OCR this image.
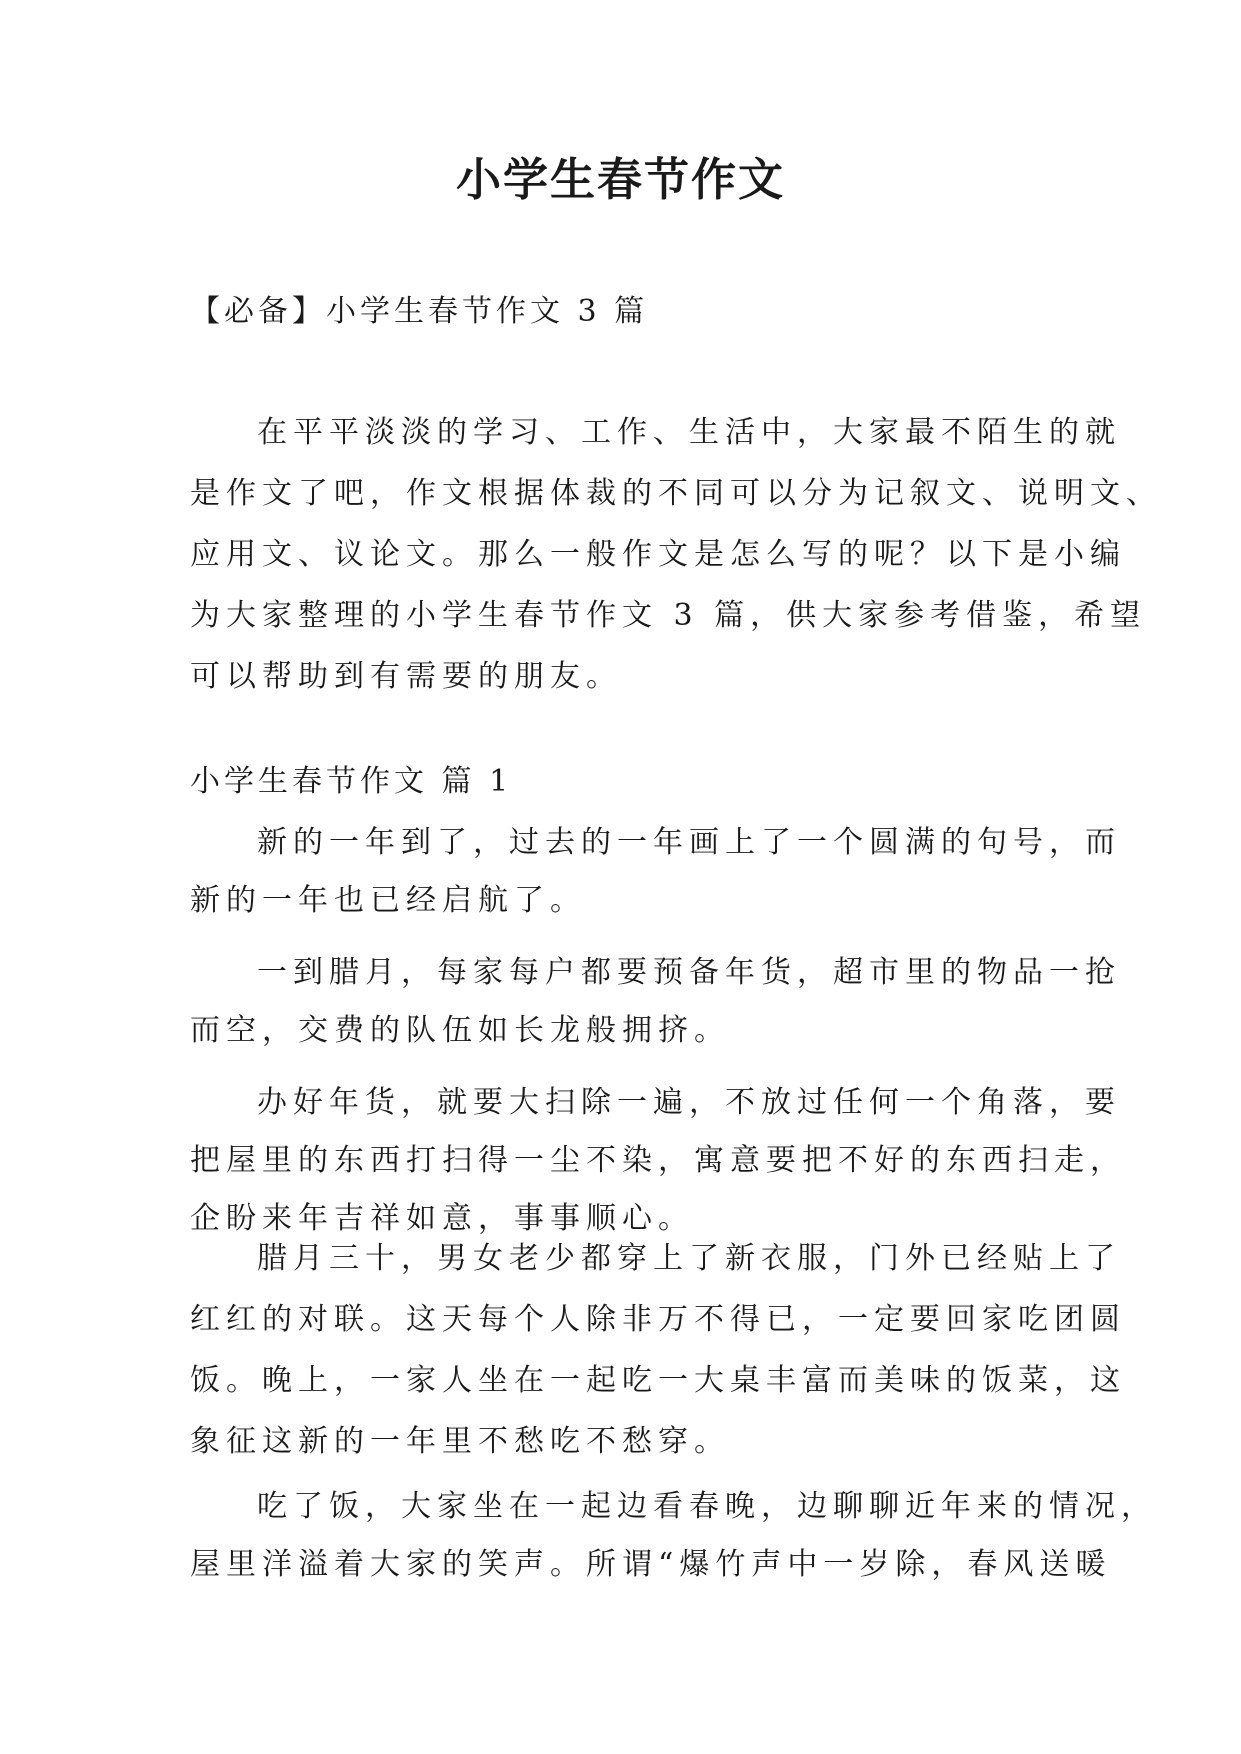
小学生春节作文
【必备】小学生春节作文 3 篇
在平平淡淡的学习、工作、生活中，大家最不陌生的就
是作文了吧，作文根据体裁的不同可以分为记叙文、说明文、
应用文、议论文。那么一般作文是怎么写的呢？以下是小编
为大家整理的小学生春节作文 3 篇，供大家参考借鉴，希望
可以帮助到有需要的朋友。
小学生春节作文 篇 1
新的一年到了，过去的一年画上了一个圆满的句号，而
新的一年也已经启航了。
一到腊月，每家每户都要预备年货，超市里的物品一抢
而空，交费的队伍如长龙般拥挤。
办好年货，就要大扫除一遍，不放过任何一个角落，要
把屋里的东西打扫得一尘不染，寓意要把不好的东西扫走，
企盼来年吉祥如意，事事顺心。
腊月三十，男女老少都穿上了新衣服，门外已经贴上了
红红的对联。这天每个人除非万不得已，一定要回家吃团圆
饭。晚上，一家人坐在一起吃一大桌丰富而美味的饭菜，这
象征这新的一年里不愁吃不愁穿。
吃了饭，大家坐在一起边看春晚，边聊聊近年来的情况，
屋里洋溢着大家的笑声。所谓“爆竹声中一岁除，春风送暖
